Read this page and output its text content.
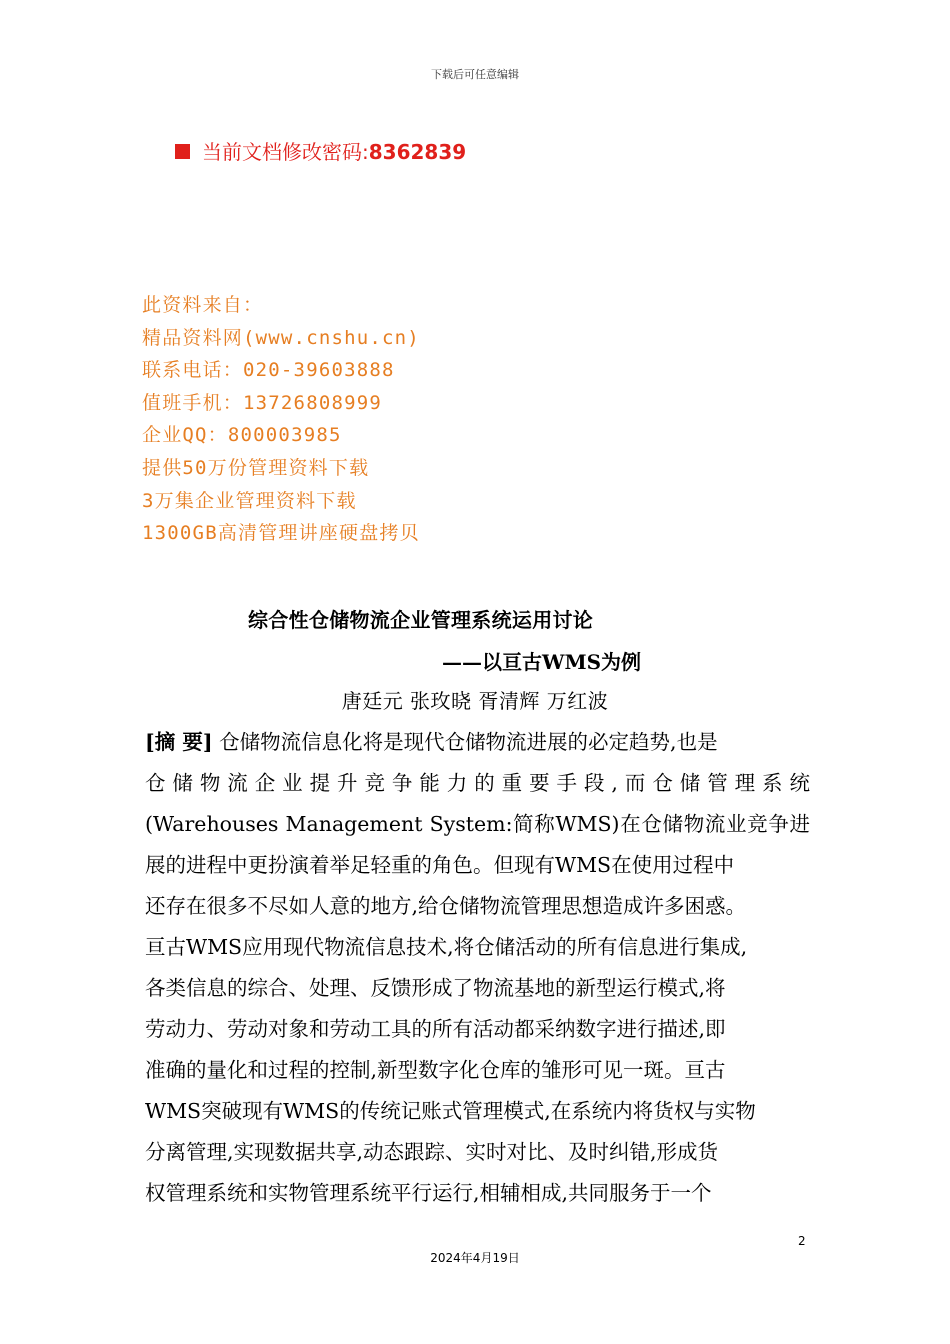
下载后可任意编辑
当前文档修改密码:8362839
此资料来自：
精品资料网(www.cnshu.cn)
联系电话：020-39603888
值班手机：13726808999
企业QQ：800003985
提供50万份管理资料下载
3万集企业管理资料下载
1300GB高清管理讲座硬盘拷贝
综合性仓储物流企业管理系统运用讨论
——以亘古WMS为例
唐廷元 张玫晓 胥清辉 万红波
[摘 要] 仓储物流信息化将是现代仓储物流进展的必定趋势,也是
仓储物流企业提升竞争能力的重要手段,而仓储管理系统
(Warehouses Management System:简称WMS)在仓储物流业竞争进
展的进程中更扮演着举足轻重的角色。但现有WMS在使用过程中
还存在很多不尽如人意的地方,给仓储物流管理思想造成许多困惑。
亘古WMS应用现代物流信息技术,将仓储活动的所有信息进行集成,
各类信息的综合、处理、反馈形成了物流基地的新型运行模式,将
劳动力、劳动对象和劳动工具的所有活动都采纳数字进行描述,即
准确的量化和过程的控制,新型数字化仓库的雏形可见一斑。亘古
WMS突破现有WMS的传统记账式管理模式,在系统内将货权与实物
分离管理,实现数据共享,动态跟踪、实时对比、及时纠错,形成货
权管理系统和实物管理系统平行运行,相辅相成,共同服务于一个
2
2024年4月19日
